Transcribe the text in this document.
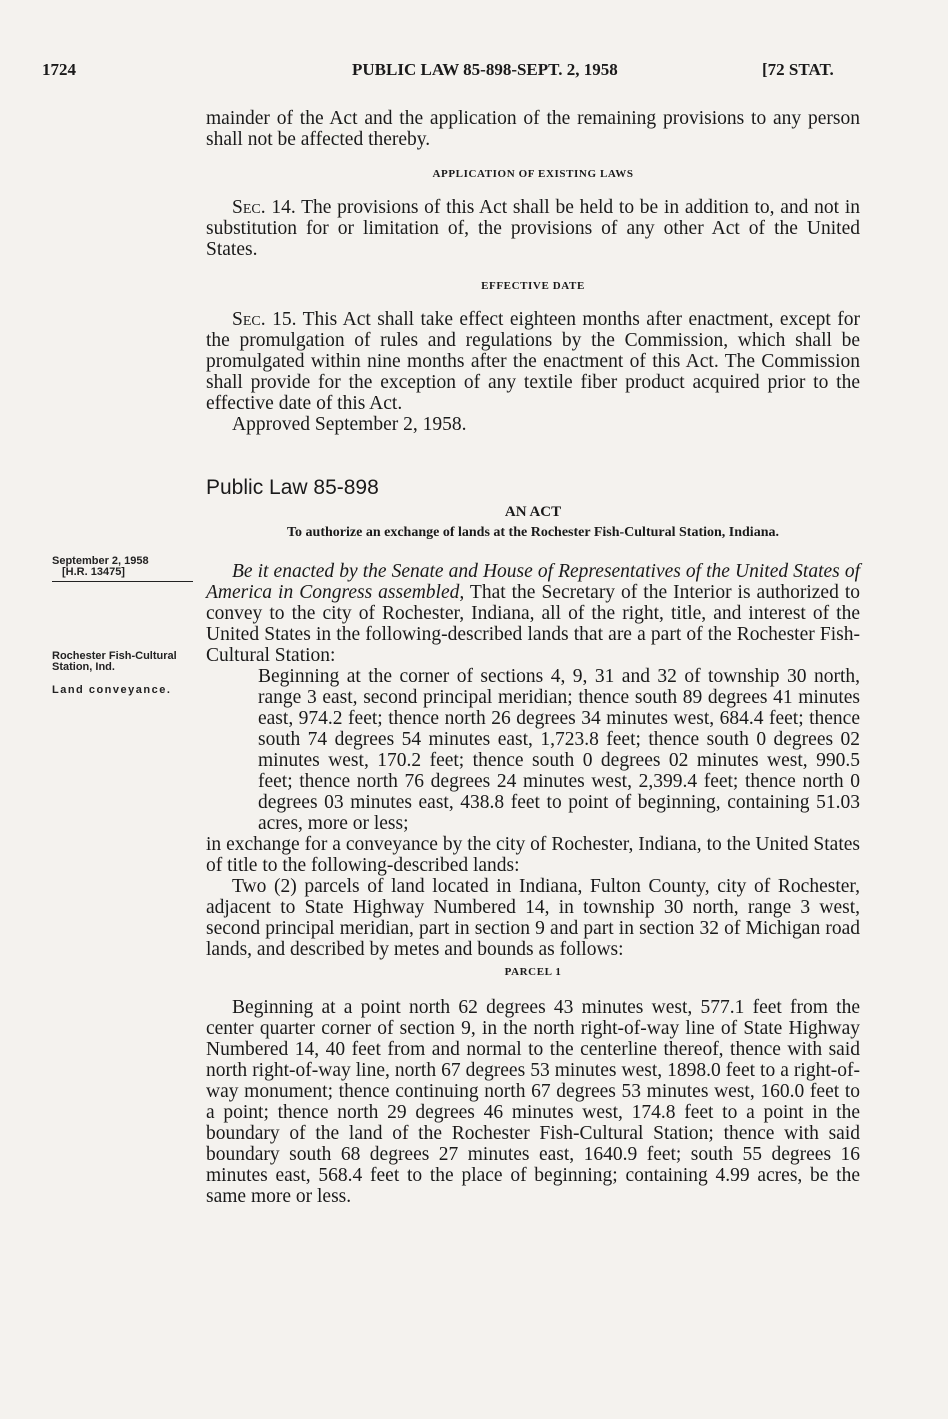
1724	PUBLIC LAW 85-898-SEPT. 2, 1958	[72 STAT.

mainder of the Act and the application of the remaining provisions to any person shall not be affected thereby.

APPLICATION OF EXISTING LAWS

Sec. 14. The provisions of this Act shall be held to be in addition to, and not in substitution for or limitation of, the provisions of any other Act of the United States.

EFFECTIVE DATE

Sec. 15. This Act shall take effect eighteen months after enactment, except for the promulgation of rules and regulations by the Commission, which shall be promulgated within nine months after the enactment of this Act. The Commission shall provide for the exception of any textile fiber product acquired prior to the effective date of this Act.

Approved September 2, 1958.

Public Law 85-898
AN ACT
To authorize an exchange of lands at the Rochester Fish-Cultural Station, Indiana.

Be it enacted by the Senate and House of Representatives of the United States of America in Congress assembled, That the Secretary of the Interior is authorized to convey to the city of Rochester, Indiana, all of the right, title, and interest of the United States in the following-described lands that are a part of the Rochester Fish-Cultural Station:

Beginning at the corner of sections 4, 9, 31 and 32 of township 30 north, range 3 east, second principal meridian; thence south 89 degrees 41 minutes east, 974.2 feet; thence north 26 degrees 34 minutes west, 684.4 feet; thence south 74 degrees 54 minutes east, 1,723.8 feet; thence south 0 degrees 02 minutes west, 170.2 feet; thence south 0 degrees 02 minutes west, 990.5 feet; thence north 76 degrees 24 minutes west, 2,399.4 feet; thence north 0 degrees 03 minutes east, 438.8 feet to point of beginning, containing 51.03 acres, more or less;

in exchange for a conveyance by the city of Rochester, Indiana, to the United States of title to the following-described lands:

Two (2) parcels of land located in Indiana, Fulton County, city of Rochester, adjacent to State Highway Numbered 14, in township 30 north, range 3 west, second principal meridian, part in section 9 and part in section 32 of Michigan road lands, and described by metes and bounds as follows:

PARCEL 1

Beginning at a point north 62 degrees 43 minutes west, 577.1 feet from the center quarter corner of section 9, in the north right-of-way line of State Highway Numbered 14, 40 feet from and normal to the centerline thereof, thence with said north right-of-way line, north 67 degrees 53 minutes west, 1898.0 feet to a right-of-way monument; thence continuing north 67 degrees 53 minutes west, 160.0 feet to a point; thence north 29 degrees 46 minutes west, 174.8 feet to a point in the boundary of the land of the Rochester Fish-Cultural Station; thence with said boundary south 68 degrees 27 minutes east, 1640.9 feet; south 55 degrees 16 minutes east, 568.4 feet to the place of beginning; containing 4.99 acres, be the same more or less.

September 2, 1958
[H.R. 13475]
Rochester Fish-Cultural Station, Ind.
Land conveyance.
